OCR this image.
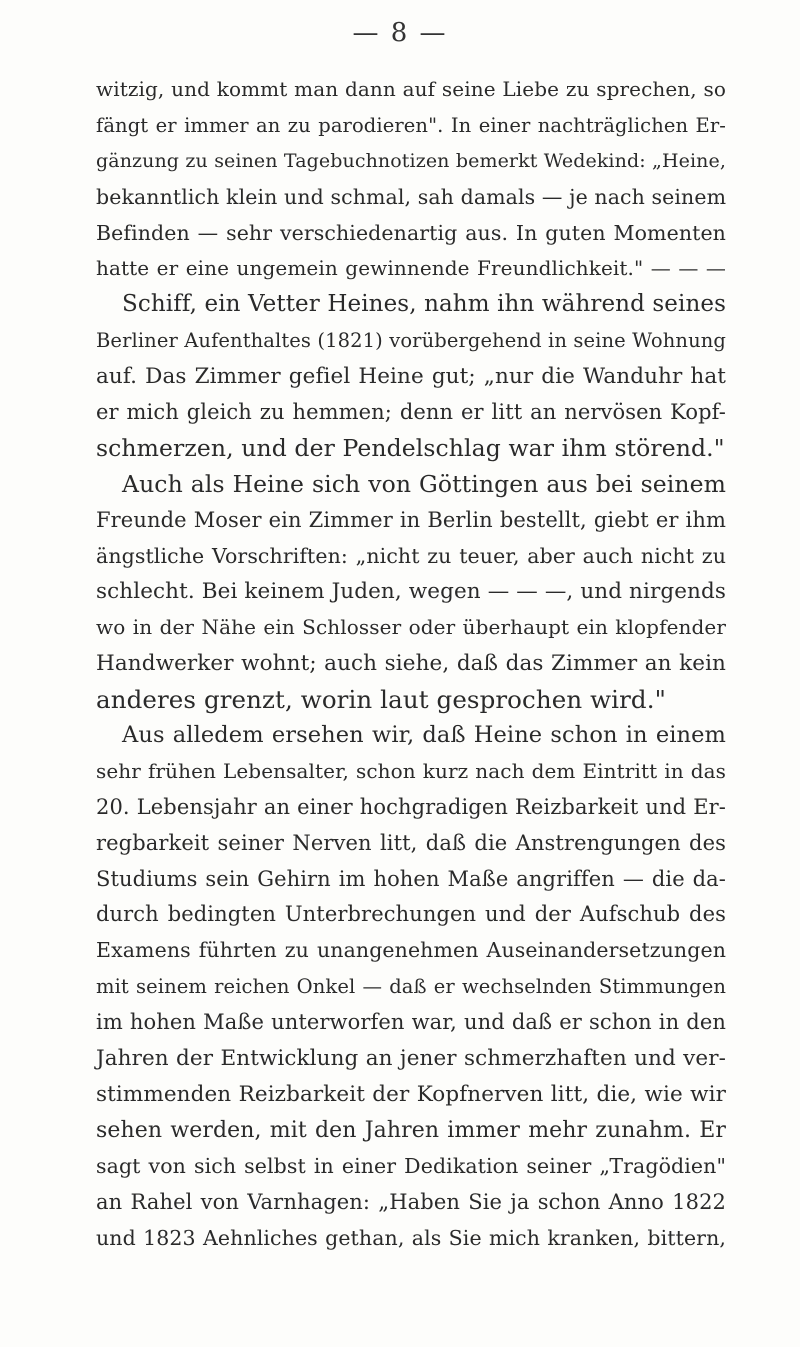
— 8 —
witzig, und kommt man dann auf seine Liebe zu sprechen, so
fängt er immer an zu parodieren". In einer nachträglichen Er-
gänzung zu seinen Tagebuchnotizen bemerkt Wedekind: „Heine,
bekanntlich klein und schmal, sah damals — je nach seinem
Befinden — sehr verschiedenartig aus. In guten Momenten
hatte er eine ungemein gewinnende Freundlichkeit." — — —
Schiff, ein Vetter Heines, nahm ihn während seines
Berliner Aufenthaltes (1821) vorübergehend in seine Wohnung
auf. Das Zimmer gefiel Heine gut; „nur die Wanduhr hat
er mich gleich zu hemmen; denn er litt an nervösen Kopf-
schmerzen, und der Pendelschlag war ihm störend."
Auch als Heine sich von Göttingen aus bei seinem
Freunde Moser ein Zimmer in Berlin bestellt, giebt er ihm
ängstliche Vorschriften: „nicht zu teuer, aber auch nicht zu
schlecht. Bei keinem Juden, wegen — — —, und nirgends
wo in der Nähe ein Schlosser oder überhaupt ein klopfender
Handwerker wohnt; auch siehe, daß das Zimmer an kein
anderes grenzt, worin laut gesprochen wird."
Aus alledem ersehen wir, daß Heine schon in einem
sehr frühen Lebensalter, schon kurz nach dem Eintritt in das
20. Lebensjahr an einer hochgradigen Reizbarkeit und Er-
regbarkeit seiner Nerven litt, daß die Anstrengungen des
Studiums sein Gehirn im hohen Maße angriffen — die da-
durch bedingten Unterbrechungen und der Aufschub des
Examens führten zu unangenehmen Auseinandersetzungen
mit seinem reichen Onkel — daß er wechselnden Stimmungen
im hohen Maße unterworfen war, und daß er schon in den
Jahren der Entwicklung an jener schmerzhaften und ver-
stimmenden Reizbarkeit der Kopfnerven litt, die, wie wir
sehen werden, mit den Jahren immer mehr zunahm. Er
sagt von sich selbst in einer Dedikation seiner „Tragödien"
an Rahel von Varnhagen: „Haben Sie ja schon Anno 1822
und 1823 Aehnliches gethan, als Sie mich kranken, bittern,
